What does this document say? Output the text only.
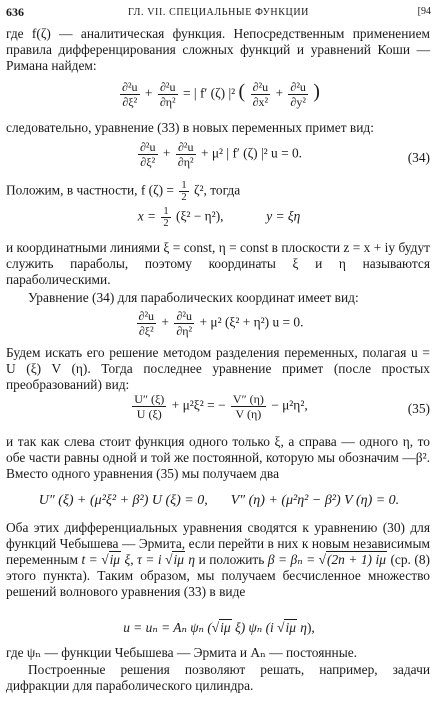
636	ГЛ. VII. СПЕЦИАЛЬНЫЕ ФУНКЦИИ	[94

где f(ζ) — аналитическая функция. Непосредственным применением правила дифференцирования сложных функций и уравнений Коши — Римана найдем:

$\frac{\text{∂²u}}{\text{∂ξ²}} + \frac{\text{∂²u}}{\text{∂η²}}$ = | f′ (ζ) |² ( $\frac{\text{∂²u}}{\text{∂x²}} + \frac{\text{∂²u}}{\text{∂y²}}$ )

следовательно, уравнение (33) в новых переменных примет вид:

$\frac{\text{∂²u}}{\text{∂ξ²}} + \frac{\text{∂²u}}{\text{∂η²}} + \mu^2$ | f′ (ζ) |² u = 0.	(34)

Положим, в частности, f $(\zeta) = \frac{1}{2} \zeta^2$, тогда

$x = \frac{1}{2} (\xi^2 - \eta^2)$,	y = ξη

и координатными линиями ξ = const, η = const в плоскости z = x + iy будут служить параболы, поэтому координаты ξ и η называются параболическими.

Уравнение (34) для параболических координат имеет вид:

$\frac{\text{∂²u}}{\text{∂ξ²}} + \frac{\text{∂²u}}{\text{∂η²}} + \mu^2$ (ξ² + η²) u = 0.

Будем искать его решение методом разделения переменных, полагая u = U (ξ) V (η). Тогда последнее уравнение примет (после простых преобразований) вид:

$\frac{U'' (\xi)}{U (\xi)} + \mu^2\xi^2$ = − $\frac{V'' (\eta)}{V (\eta)} - \mu^2\eta^2$,	(35)

и так как слева стоит функция одного только ξ, а справа — одного η, то обе части равны одной и той же постоянной, которую мы обозначим —β². Вместо одного уравнения (35) мы получаем два

U″ (ξ) + (μ²ξ² + β²) U (ξ) = 0, V″ (η) + (μ²η² − β²) V (η) = 0.

Оба этих дифференциальных уравнения сводятся к уравнению (30) для функций Чебышева — Эрмита, если перейти в них к новым независимым переменным t = √iμ ξ, τ = i √iμ η и положить β = βₙ = √(2n + 1) iμ (ср. (8) этого пункта). Таким образом, мы получаем бесчисленное множество решений волнового уравнения (33) в виде

u = uₙ = Aₙ ψₙ (√iμ ξ) ψₙ (i √iμ η),

где ψₙ — функции Чебышева — Эрмита и Aₙ — постоянные.

Построенные решения позволяют решать, например, задачи дифракции для параболического цилиндра.
